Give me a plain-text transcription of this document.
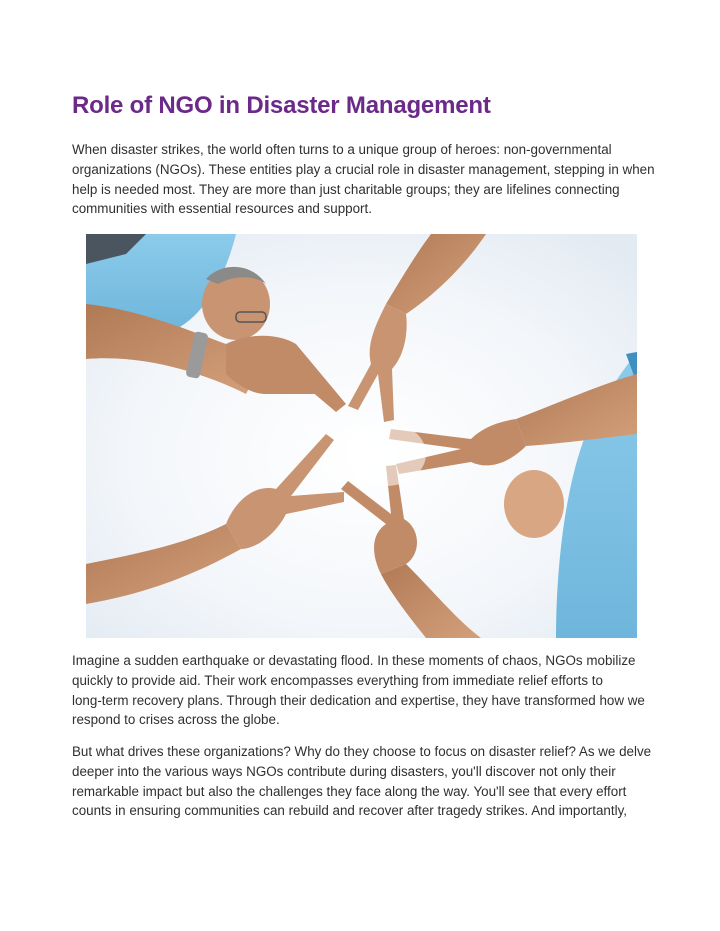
Role of NGO in Disaster Management
When disaster strikes, the world often turns to a unique group of heroes: non-governmental
organizations (NGOs). These entities play a crucial role in disaster management, stepping in when
help is needed most. They are more than just charitable groups; they are lifelines connecting
communities with essential resources and support.
Imagine a sudden earthquake or devastating flood. In these moments of chaos, NGOs mobilize
quickly to provide aid. Their work encompasses everything from immediate relief efforts to
long-term recovery plans. Through their dedication and expertise, they have transformed how we
respond to crises across the globe.
But what drives these organizations? Why do they choose to focus on disaster relief? As we delve
deeper into the various ways NGOs contribute during disasters, you'll discover not only their
remarkable impact but also the challenges they face along the way. You'll see that every effort
counts in ensuring communities can rebuild and recover after tragedy strikes. And importantly,
